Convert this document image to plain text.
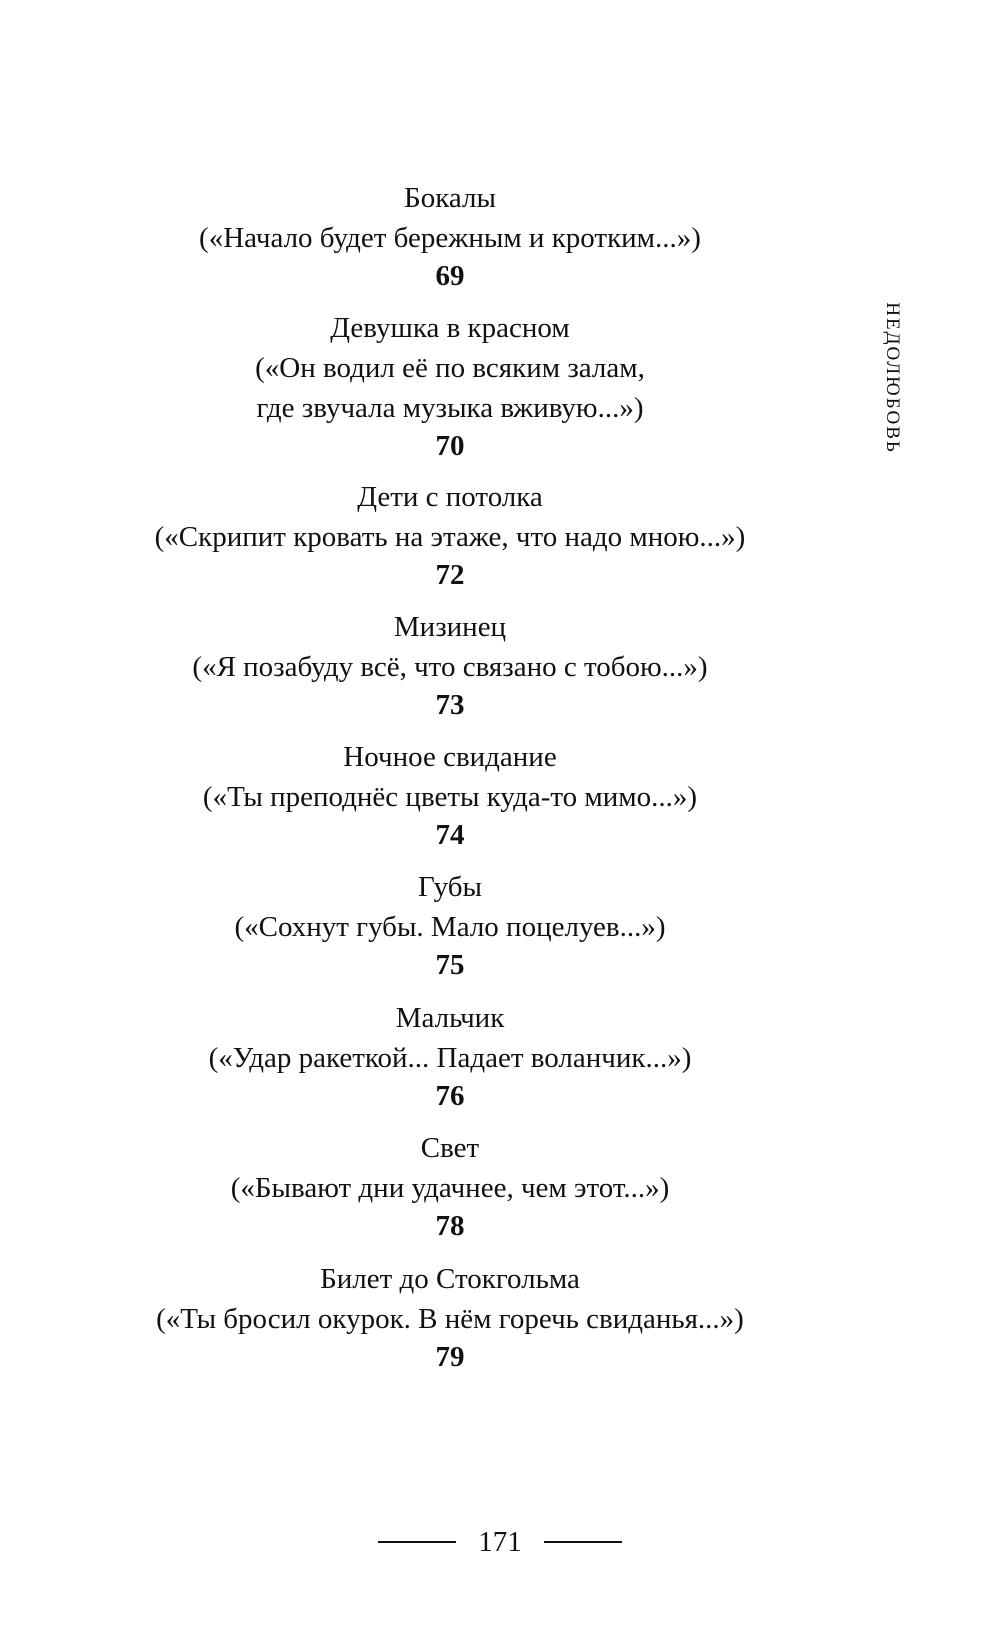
Бокалы
(«Начало будет бережным и кротким...»)
69
Девушка в красном
(«Он водил её по всяким залам,
где звучала музыка вживую...»)
70
Дети с потолка
(«Скрипит кровать на этаже, что надо мною...»)
72
Мизинец
(«Я позабуду всё, что связано с тобою...»)
73
Ночное свидание
(«Ты преподнёс цветы куда-то мимо...»)
74
Губы
(«Сохнут губы. Мало поцелуев...»)
75
Мальчик
(«Удар ракеткой... Падает воланчик...»)
76
Свет
(«Бывают дни удачнее, чем этот...»)
78
Билет до Стокгольма
(«Ты бросил окурок. В нём горечь свиданья...»)
79
НЕДОЛЮБОВЬ
171
